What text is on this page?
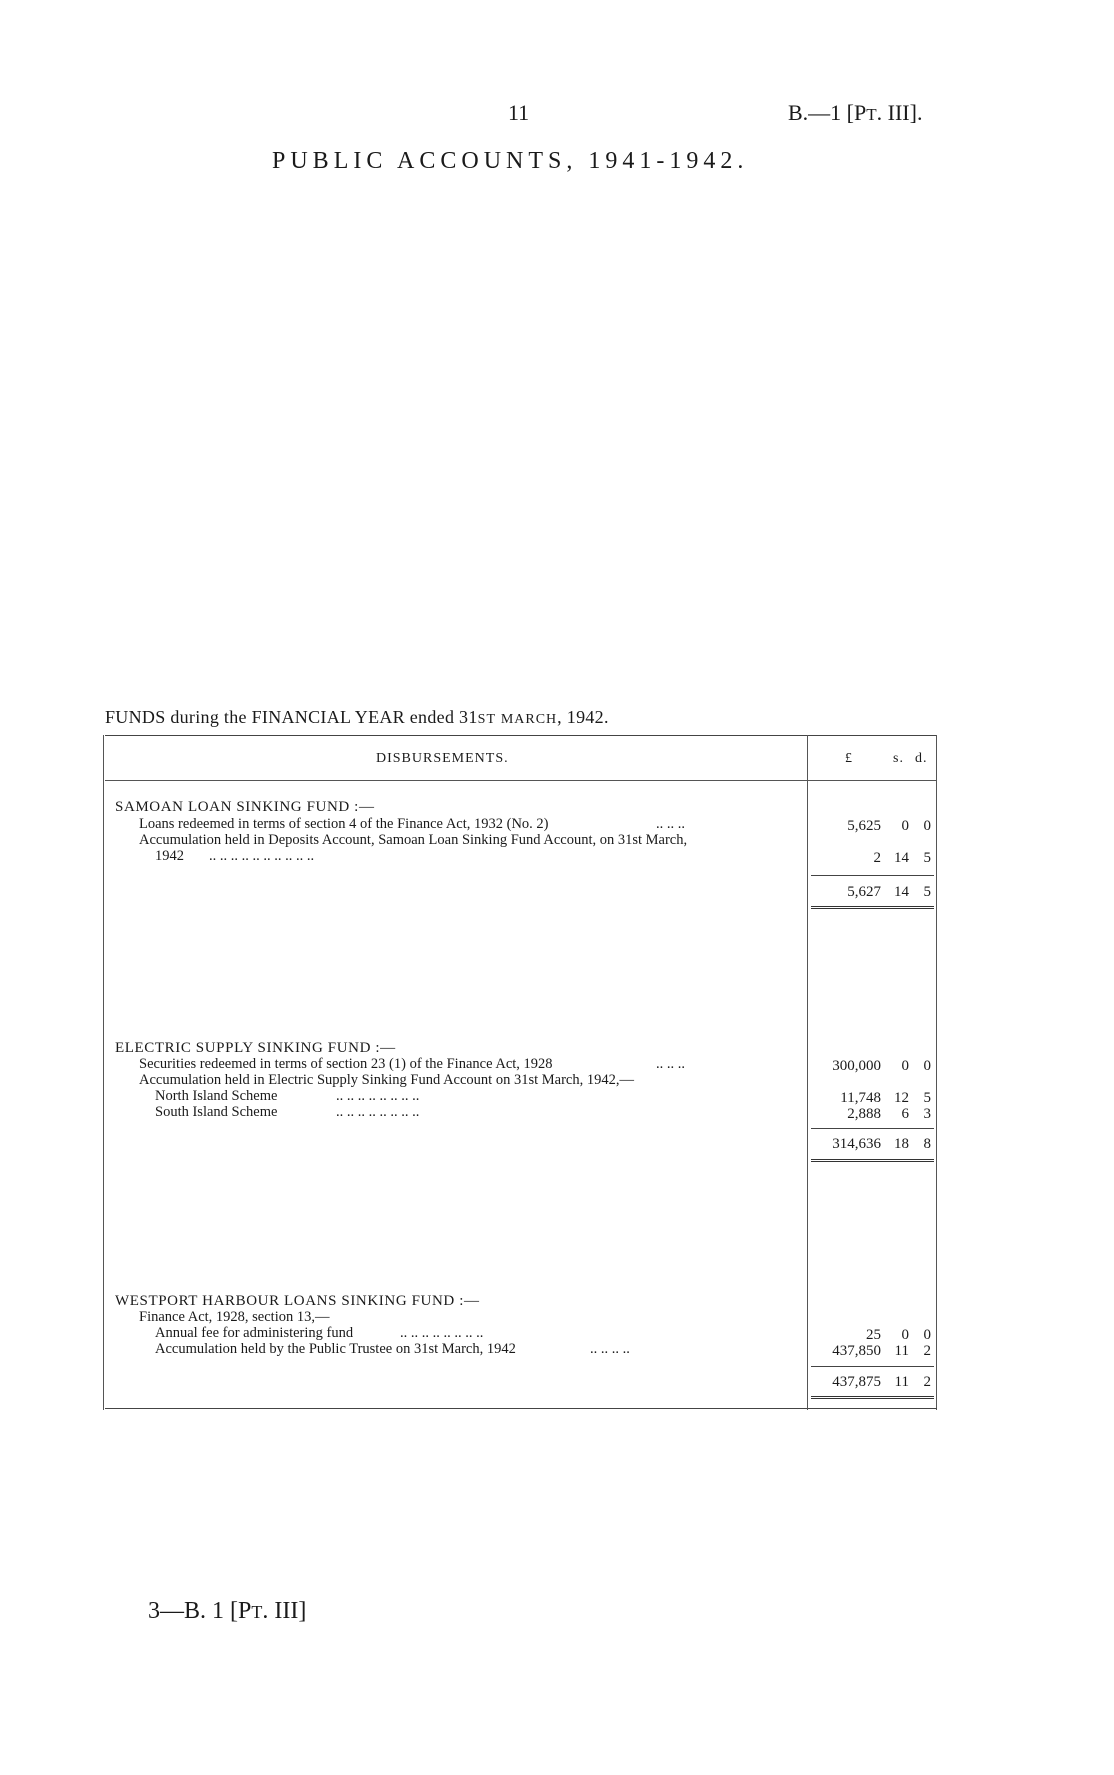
11	B.—1 [PT. III].
PUBLIC ACCOUNTS, 1941-1942.
FUNDS during the FINANCIAL YEAR ended 31ST MARCH, 1942.
DISBURSEMENTS.	£	s. d.
SAMOAN LOAN SINKING FUND :—
Loans redeemed in terms of section 4 of the Finance Act, 1932 (No. 2)	.. .. ..	5,625 0 0
Accumulation held in Deposits Account, Samoan Loan Sinking Fund Account, on 31st March,
1942 .. .. .. .. .. .. .. .. .. ..	2 14 5
5,627 14 5
ELECTRIC SUPPLY SINKING FUND :—
Securities redeemed in terms of section 23 (1) of the Finance Act, 1928	.. .. ..	300,000 0 0
Accumulation held in Electric Supply Sinking Fund Account on 31st March, 1942,—
North Island Scheme	.. .. .. .. .. .. .. ..	11,748 12 5
South Island Scheme	.. .. .. .. .. .. .. ..	2,888 6 3
314,636 18 8
WESTPORT HARBOUR LOANS SINKING FUND :—
Finance Act, 1928, section 13,—
Annual fee for administering fund	.. .. .. .. .. .. .. ..	25 0 0
Accumulation held by the Public Trustee on 31st March, 1942	.. .. .. ..	437,850 11 2
437,875 11 2
3—B. 1 [PT. III]
